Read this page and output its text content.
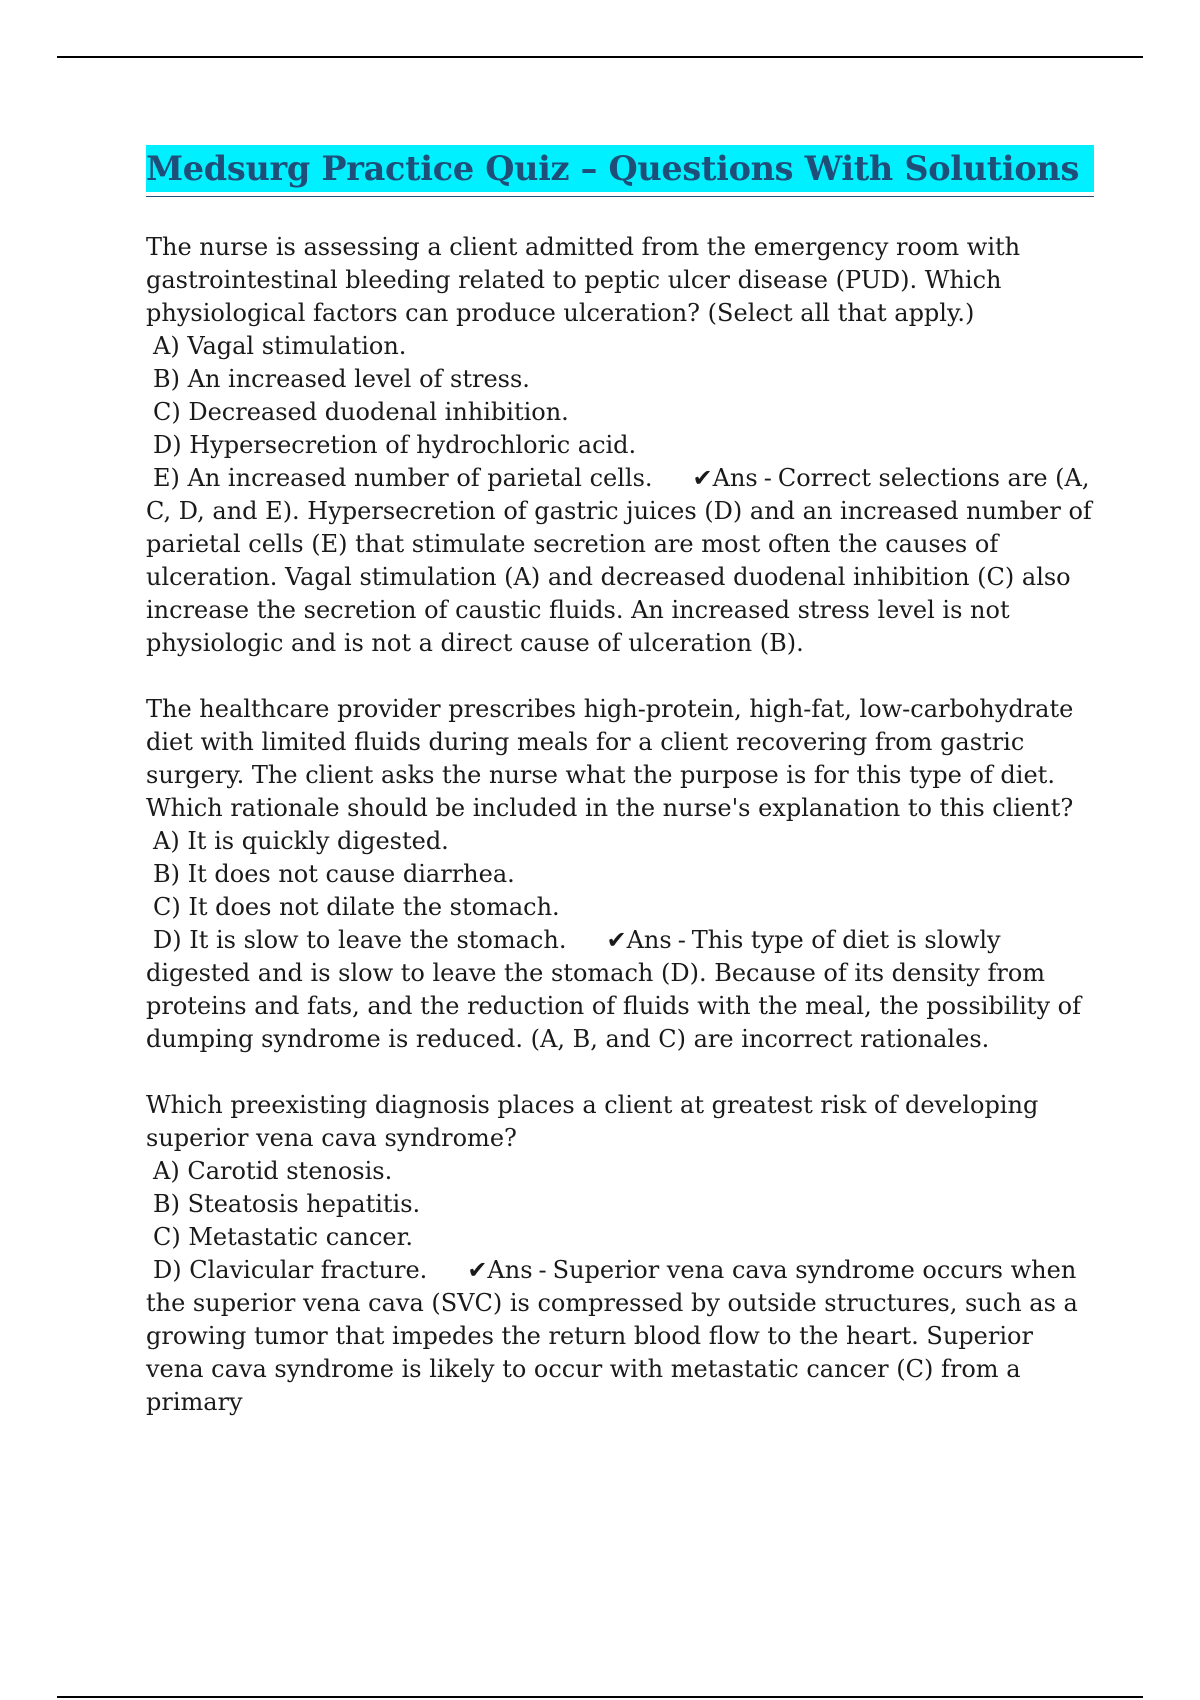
Medsurg Practice Quiz – Questions With Solutions
The nurse is assessing a client admitted from the emergency room with gastrointestinal bleeding related to peptic ulcer disease (PUD). Which physiological factors can produce ulceration? (Select all that apply.)
A) Vagal stimulation.
B) An increased level of stress.
C) Decreased duodenal inhibition.
D) Hypersecretion of hydrochloric acid.
E) An increased number of parietal cells. ✔Ans - Correct selections are (A, C, D, and E). Hypersecretion of gastric juices (D) and an increased number of parietal cells (E) that stimulate secretion are most often the causes of ulceration. Vagal stimulation (A) and decreased duodenal inhibition (C) also increase the secretion of caustic fluids. An increased stress level is not physiologic and is not a direct cause of ulceration (B).
The healthcare provider prescribes high-protein, high-fat, low-carbohydrate diet with limited fluids during meals for a client recovering from gastric surgery. The client asks the nurse what the purpose is for this type of diet. Which rationale should be included in the nurse's explanation to this client?
A) It is quickly digested.
B) It does not cause diarrhea.
C) It does not dilate the stomach.
D) It is slow to leave the stomach. ✔Ans - This type of diet is slowly digested and is slow to leave the stomach (D). Because of its density from proteins and fats, and the reduction of fluids with the meal, the possibility of dumping syndrome is reduced. (A, B, and C) are incorrect rationales.
Which preexisting diagnosis places a client at greatest risk of developing superior vena cava syndrome?
A) Carotid stenosis.
B) Steatosis hepatitis.
C) Metastatic cancer.
D) Clavicular fracture. ✔Ans - Superior vena cava syndrome occurs when the superior vena cava (SVC) is compressed by outside structures, such as a growing tumor that impedes the return blood flow to the heart. Superior vena cava syndrome is likely to occur with metastatic cancer (C) from a primary
